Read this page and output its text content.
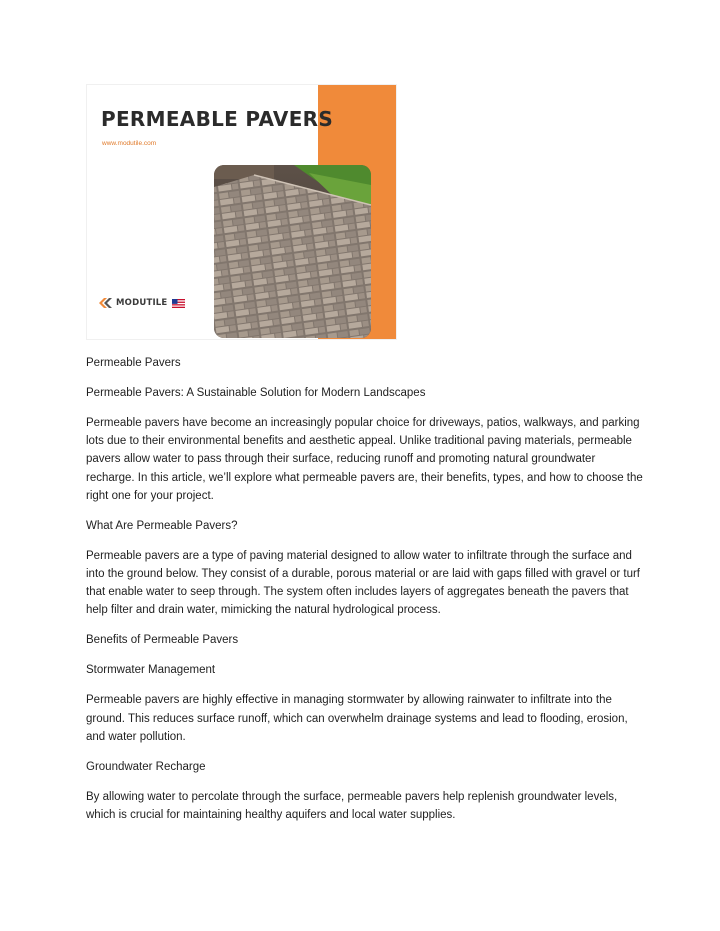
PERMEABLE PAVERS
www.modutile.com
MODUTILE

Permeable Pavers

Permeable Pavers: A Sustainable Solution for Modern Landscapes

Permeable pavers have become an increasingly popular choice for driveways, patios, walkways, and parking lots due to their environmental benefits and aesthetic appeal. Unlike traditional paving materials, permeable pavers allow water to pass through their surface, reducing runoff and promoting natural groundwater recharge. In this article, we’ll explore what permeable pavers are, their benefits, types, and how to choose the right one for your project.

What Are Permeable Pavers?

Permeable pavers are a type of paving material designed to allow water to infiltrate through the surface and into the ground below. They consist of a durable, porous material or are laid with gaps filled with gravel or turf that enable water to seep through. The system often includes layers of aggregates beneath the pavers that help filter and drain water, mimicking the natural hydrological process.

Benefits of Permeable Pavers

Stormwater Management

Permeable pavers are highly effective in managing stormwater by allowing rainwater to infiltrate into the ground. This reduces surface runoff, which can overwhelm drainage systems and lead to flooding, erosion, and water pollution.

Groundwater Recharge

By allowing water to percolate through the surface, permeable pavers help replenish groundwater levels, which is crucial for maintaining healthy aquifers and local water supplies.
